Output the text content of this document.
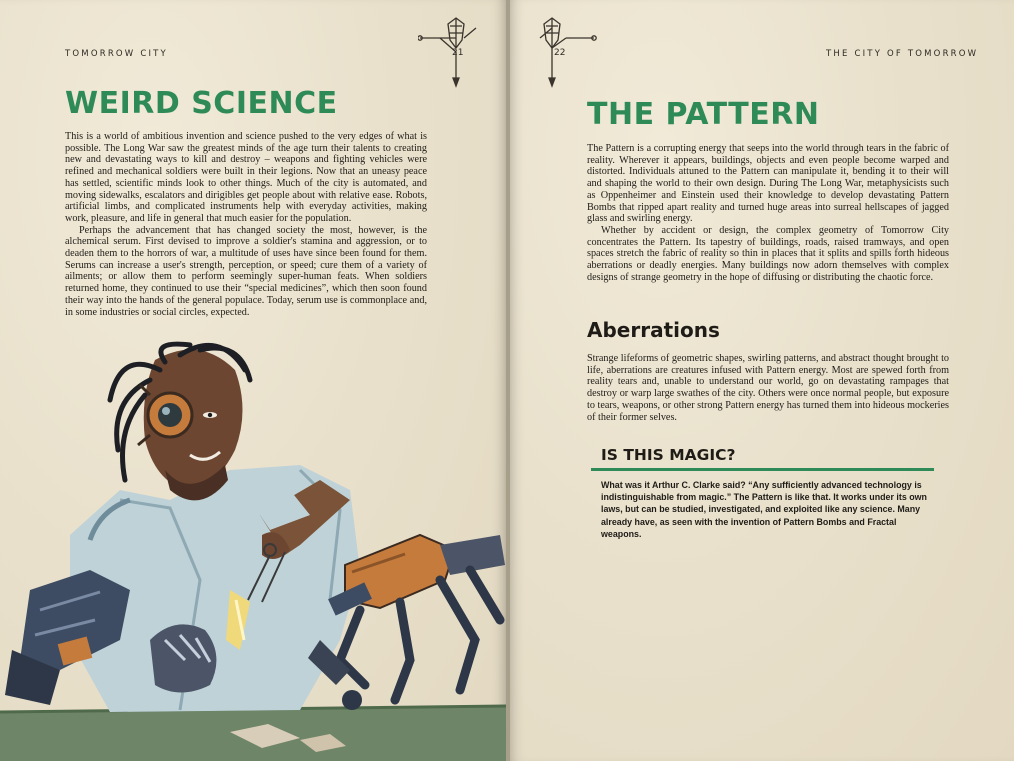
TOMORROW CITY	21
WEIRD SCIENCE

This is a world of ambitious invention and science pushed to the very edges of what is possible. The Long War saw the greatest minds of the age turn their talents to creating new and devastating ways to kill and destroy – weapons and fighting vehicles were refined and mechanical soldiers were built in their legions. Now that an uneasy peace has settled, scientific minds look to other things. Much of the city is automated, and moving sidewalks, escalators and dirigibles get people about with relative ease. Robots, artificial limbs, and complicated instruments help with everyday activities, making work, pleasure, and life in general that much easier for the population.

Perhaps the advancement that has changed society the most, however, is the alchemical serum. First devised to improve a soldier's stamina and aggression, or to deaden them to the horrors of war, a multitude of uses have since been found for them. Serums can increase a user's strength, perception, or speed; cure them of a variety of ailments; or allow them to perform seemingly super-human feats. When soldiers returned home, they continued to use their “special medicines”, which then soon found their way into the hands of the general populace. Today, serum use is commonplace and, in some industries or social circles, expected.

22	THE CITY OF TOMORROW
THE PATTERN

The Pattern is a corrupting energy that seeps into the world through tears in the fabric of reality. Wherever it appears, buildings, objects and even people become warped and distorted. Individuals attuned to the Pattern can manipulate it, bending it to their will and shaping the world to their own design. During The Long War, metaphysicists such as Oppenheimer and Einstein used their knowledge to develop devastating Pattern Bombs that ripped apart reality and turned huge areas into surreal hellscapes of jagged glass and swirling energy.

Whether by accident or design, the complex geometry of Tomorrow City concentrates the Pattern. Its tapestry of buildings, roads, raised tramways, and open spaces stretch the fabric of reality so thin in places that it splits and spills forth hideous aberrations or deadly energies. Many buildings now adorn themselves with complex designs of strange geometry in the hope of diffusing or distributing the chaotic force.

Aberrations

Strange lifeforms of geometric shapes, swirling patterns, and abstract thought brought to life, aberrations are creatures infused with Pattern energy. Most are spewed forth from reality tears and, unable to understand our world, go on devastating rampages that destroy or warp large swathes of the city. Others were once normal people, but exposure to tears, weapons, or other strong Pattern energy has turned them into hideous mockeries of their former selves.

IS THIS MAGIC?

What was it Arthur C. Clarke said? “Any sufficiently advanced technology is indistinguishable from magic.” The Pattern is like that. It works under its own laws, but can be studied, investigated, and exploited like any science. Many already have, as seen with the invention of Pattern Bombs and Fractal weapons.
